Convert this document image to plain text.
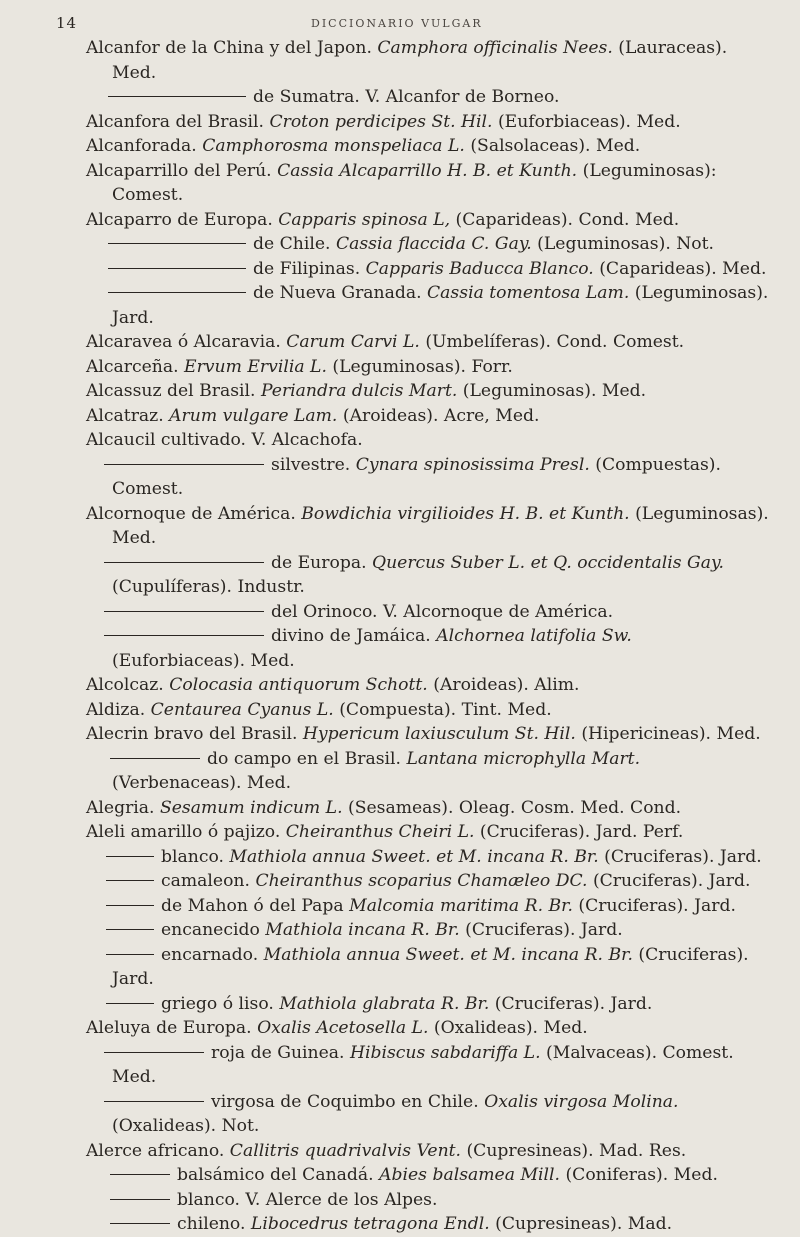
14	DICCIONARIO VULGAR
Alcanfor de la China y del Japon. Camphora officinalis Nees. (Lauraceas). Med.
de Sumatra. V. Alcanfor de Borneo.
Alcanfora del Brasil. Croton perdicipes St. Hil. (Euforbiaceas). Med.
Alcanforada. Camphorosma monspeliaca L. (Salsolaceas). Med.
Alcaparrillo del Perú. Cassia Alcaparrillo H. B. et Kunth. (Leguminosas): Comest.
Alcaparro de Europa. Capparis spinosa L, (Caparideas). Cond. Med.
de Chile. Cassia flaccida C. Gay. (Leguminosas). Not.
de Filipinas. Capparis Baducca Blanco. (Caparideas). Med.
de Nueva Granada. Cassia tomentosa Lam. (Leguminosas). Jard.
Alcaravea ó Alcaravia. Carum Carvi L. (Umbelíferas). Cond. Comest.
Alcarceña. Ervum Ervilia L. (Leguminosas). Forr.
Alcassuz del Brasil. Periandra dulcis Mart. (Leguminosas). Med.
Alcatraz. Arum vulgare Lam. (Aroideas). Acre, Med.
Alcaucil cultivado. V. Alcachofa.
silvestre. Cynara spinosissima Presl. (Compuestas). Comest.
Alcornoque de América. Bowdichia virgilioides H. B. et Kunth. (Leguminosas). Med.
de Europa. Quercus Suber L. et Q. occidentalis Gay. (Cupulíferas). Industr.
del Orinoco. V. Alcornoque de América.
divino de Jamáica. Alchornea latifolia Sw. (Euforbiaceas). Med.
Alcolcaz. Colocasia antiquorum Schott. (Aroideas). Alim.
Aldiza. Centaurea Cyanus L. (Compuesta). Tint. Med.
Alecrin bravo del Brasil. Hypericum laxiusculum St. Hil. (Hipericineas). Med.
do campo en el Brasil. Lantana microphylla Mart. (Verbenaceas). Med.
Alegria. Sesamum indicum L. (Sesameas). Oleag. Cosm. Med. Cond.
Aleli amarillo ó pajizo. Cheiranthus Cheiri L. (Cruciferas). Jard. Perf.
blanco. Mathiola annua Sweet. et M. incana R. Br. (Cruciferas). Jard.
camaleon. Cheiranthus scoparius Chamæleo DC. (Cruciferas). Jard.
de Mahon ó del Papa Malcomia maritima R. Br. (Cruciferas). Jard.
encanecido Mathiola incana R. Br. (Cruciferas). Jard.
encarnado. Mathiola annua Sweet. et M. incana R. Br. (Cruciferas). Jard.
griego ó liso. Mathiola glabrata R. Br. (Cruciferas). Jard.
Aleluya de Europa. Oxalis Acetosella L. (Oxalideas). Med.
roja de Guinea. Hibiscus sabdariffa L. (Malvaceas). Comest. Med.
virgosa de Coquimbo en Chile. Oxalis virgosa Molina. (Oxalideas). Not.
Alerce africano. Callitris quadrivalvis Vent. (Cupresineas). Mad. Res.
balsámico del Canadá. Abies balsamea Mill. (Coniferas). Med.
blanco. V. Alerce de los Alpes.
chileno. Libocedrus tetragona Endl. (Cupresineas). Mad.
